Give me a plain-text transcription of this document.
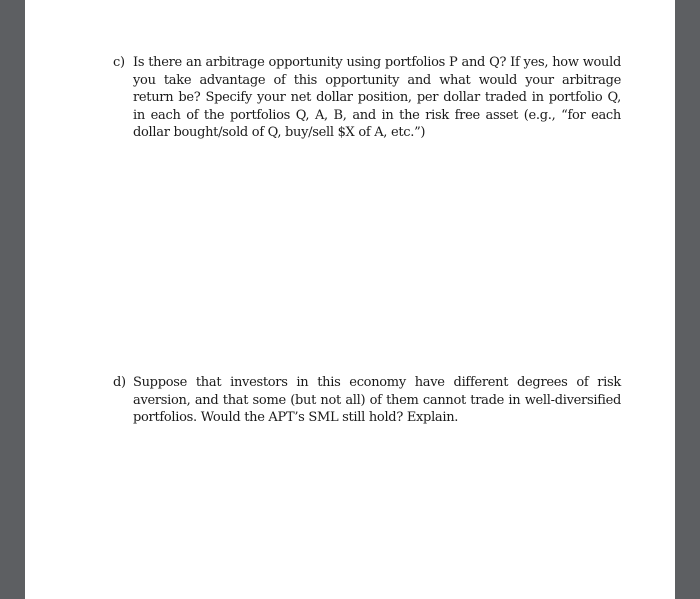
c) Is there an arbitrage opportunity using portfolios P and Q? If yes, how would you take advantage of this opportunity and what would your arbitrage return be? Specify your net dollar position, per dollar traded in portfolio Q, in each of the portfolios Q, A, B, and in the risk free asset (e.g., “for each dollar bought/sold of Q, buy/sell $X of A, etc.”)
d) Suppose that investors in this economy have different degrees of risk aversion, and that some (but not all) of them cannot trade in well-diversified portfolios. Would the APT’s SML still hold? Explain.
